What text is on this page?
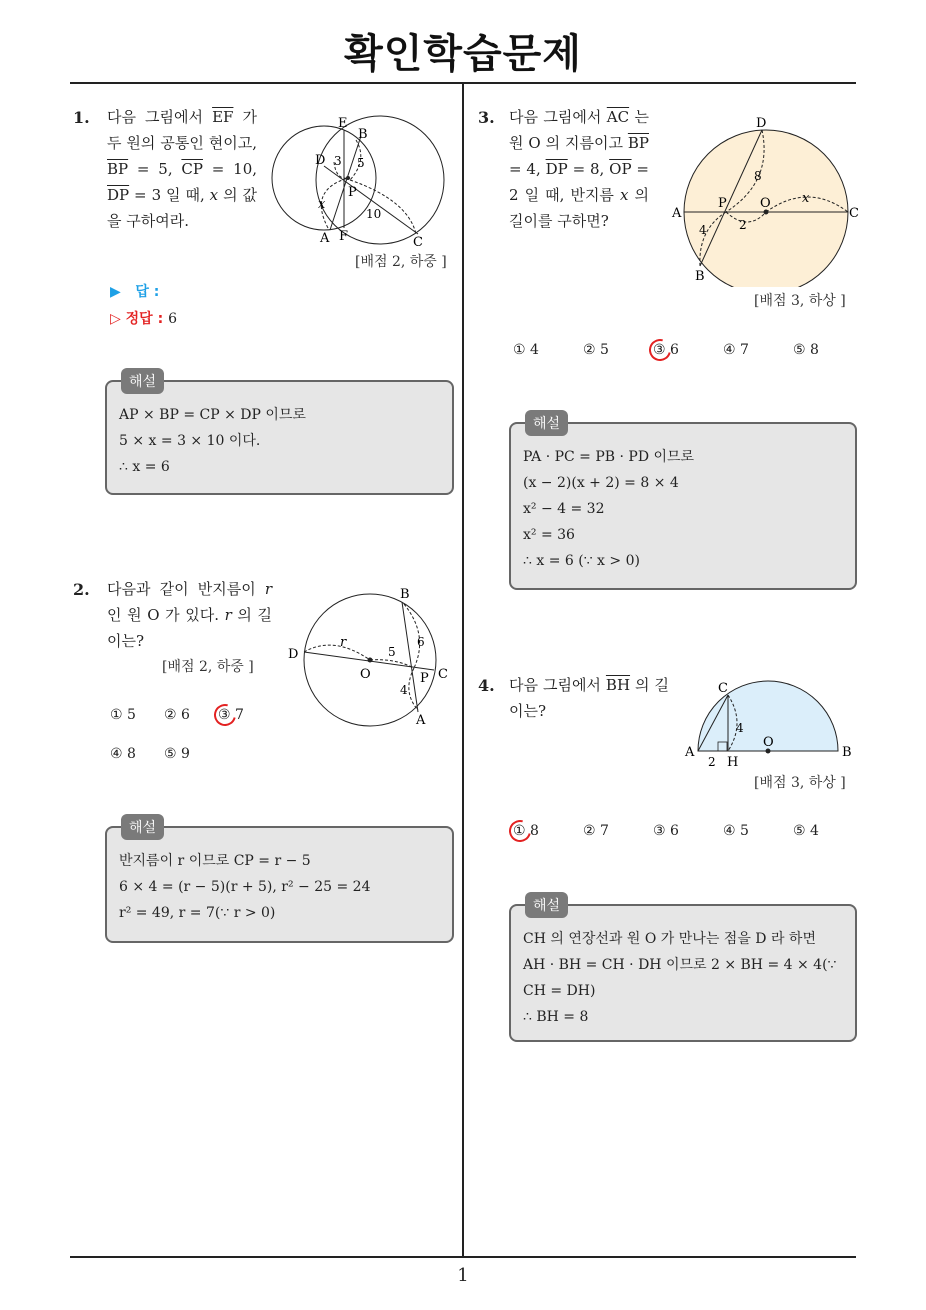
확인학습문제
1
1. 다음 그림에서 $\overline{EF}$ 가 두 원의 공통인 현이고, $\overline{BP} = 5$, $\overline{CP} = 10$, $\overline{DP} = 3$ 일 때, x 의 값을 구하여라.
E
B
D 3 5
P
x
10
A F	C
[배점 2, 하중 ]
▶ 답 :
▷ 정답 : 6
해설
AP × BP = CP × DP 이므로
5 × x = 3 × 10 이다.
∴ x = 6
2. 다음과 같이 반지름이 r 인 원 O 가 있다. r 의 길이는?
[배점 2, 하중 ]
B
D
r
5
6
O	P C
4
A
① 5 ② 6 ③ 7
④ 8 ⑤ 9
해설
반지름이 r 이므로 CP = r − 5
6 × 4 = (r − 5)(r + 5), r² − 25 = 24
r² = 49, r = 7(∵ r > 0)
3. 다음 그림에서 $\overline{AC}$ 는 원 O 의 지름이고 $\overline{BP} = 4$, $\overline{DP} = 8$, $\overline{OP} = 2$ 일 때, 반지름 x 의 길이를 구하면?
D
8
A
P	O x
C
4	2
B
[배점 3, 하상 ]
① 4	② 5	③ 6	④ 7	⑤ 8
해설
PA · PC = PB · PD 이므로
(x − 2)(x + 2) = 8 × 4
x² − 4 = 32
x² = 36
∴ x = 6 (∵ x > 0)
4. 다음 그림에서 $\overline{BH}$ 의 길이는?
C
4
O
A
2 H
B
[배점 3, 하상 ]
① 8	② 7	③ 6	④ 5	⑤ 4
해설
CH 의 연장선과 원 O 가 만나는 점을 D 라 하면
AH · BH = CH · DH 이므로 2 × BH = 4 × 4(∵
CH = DH)
∴ BH = 8
